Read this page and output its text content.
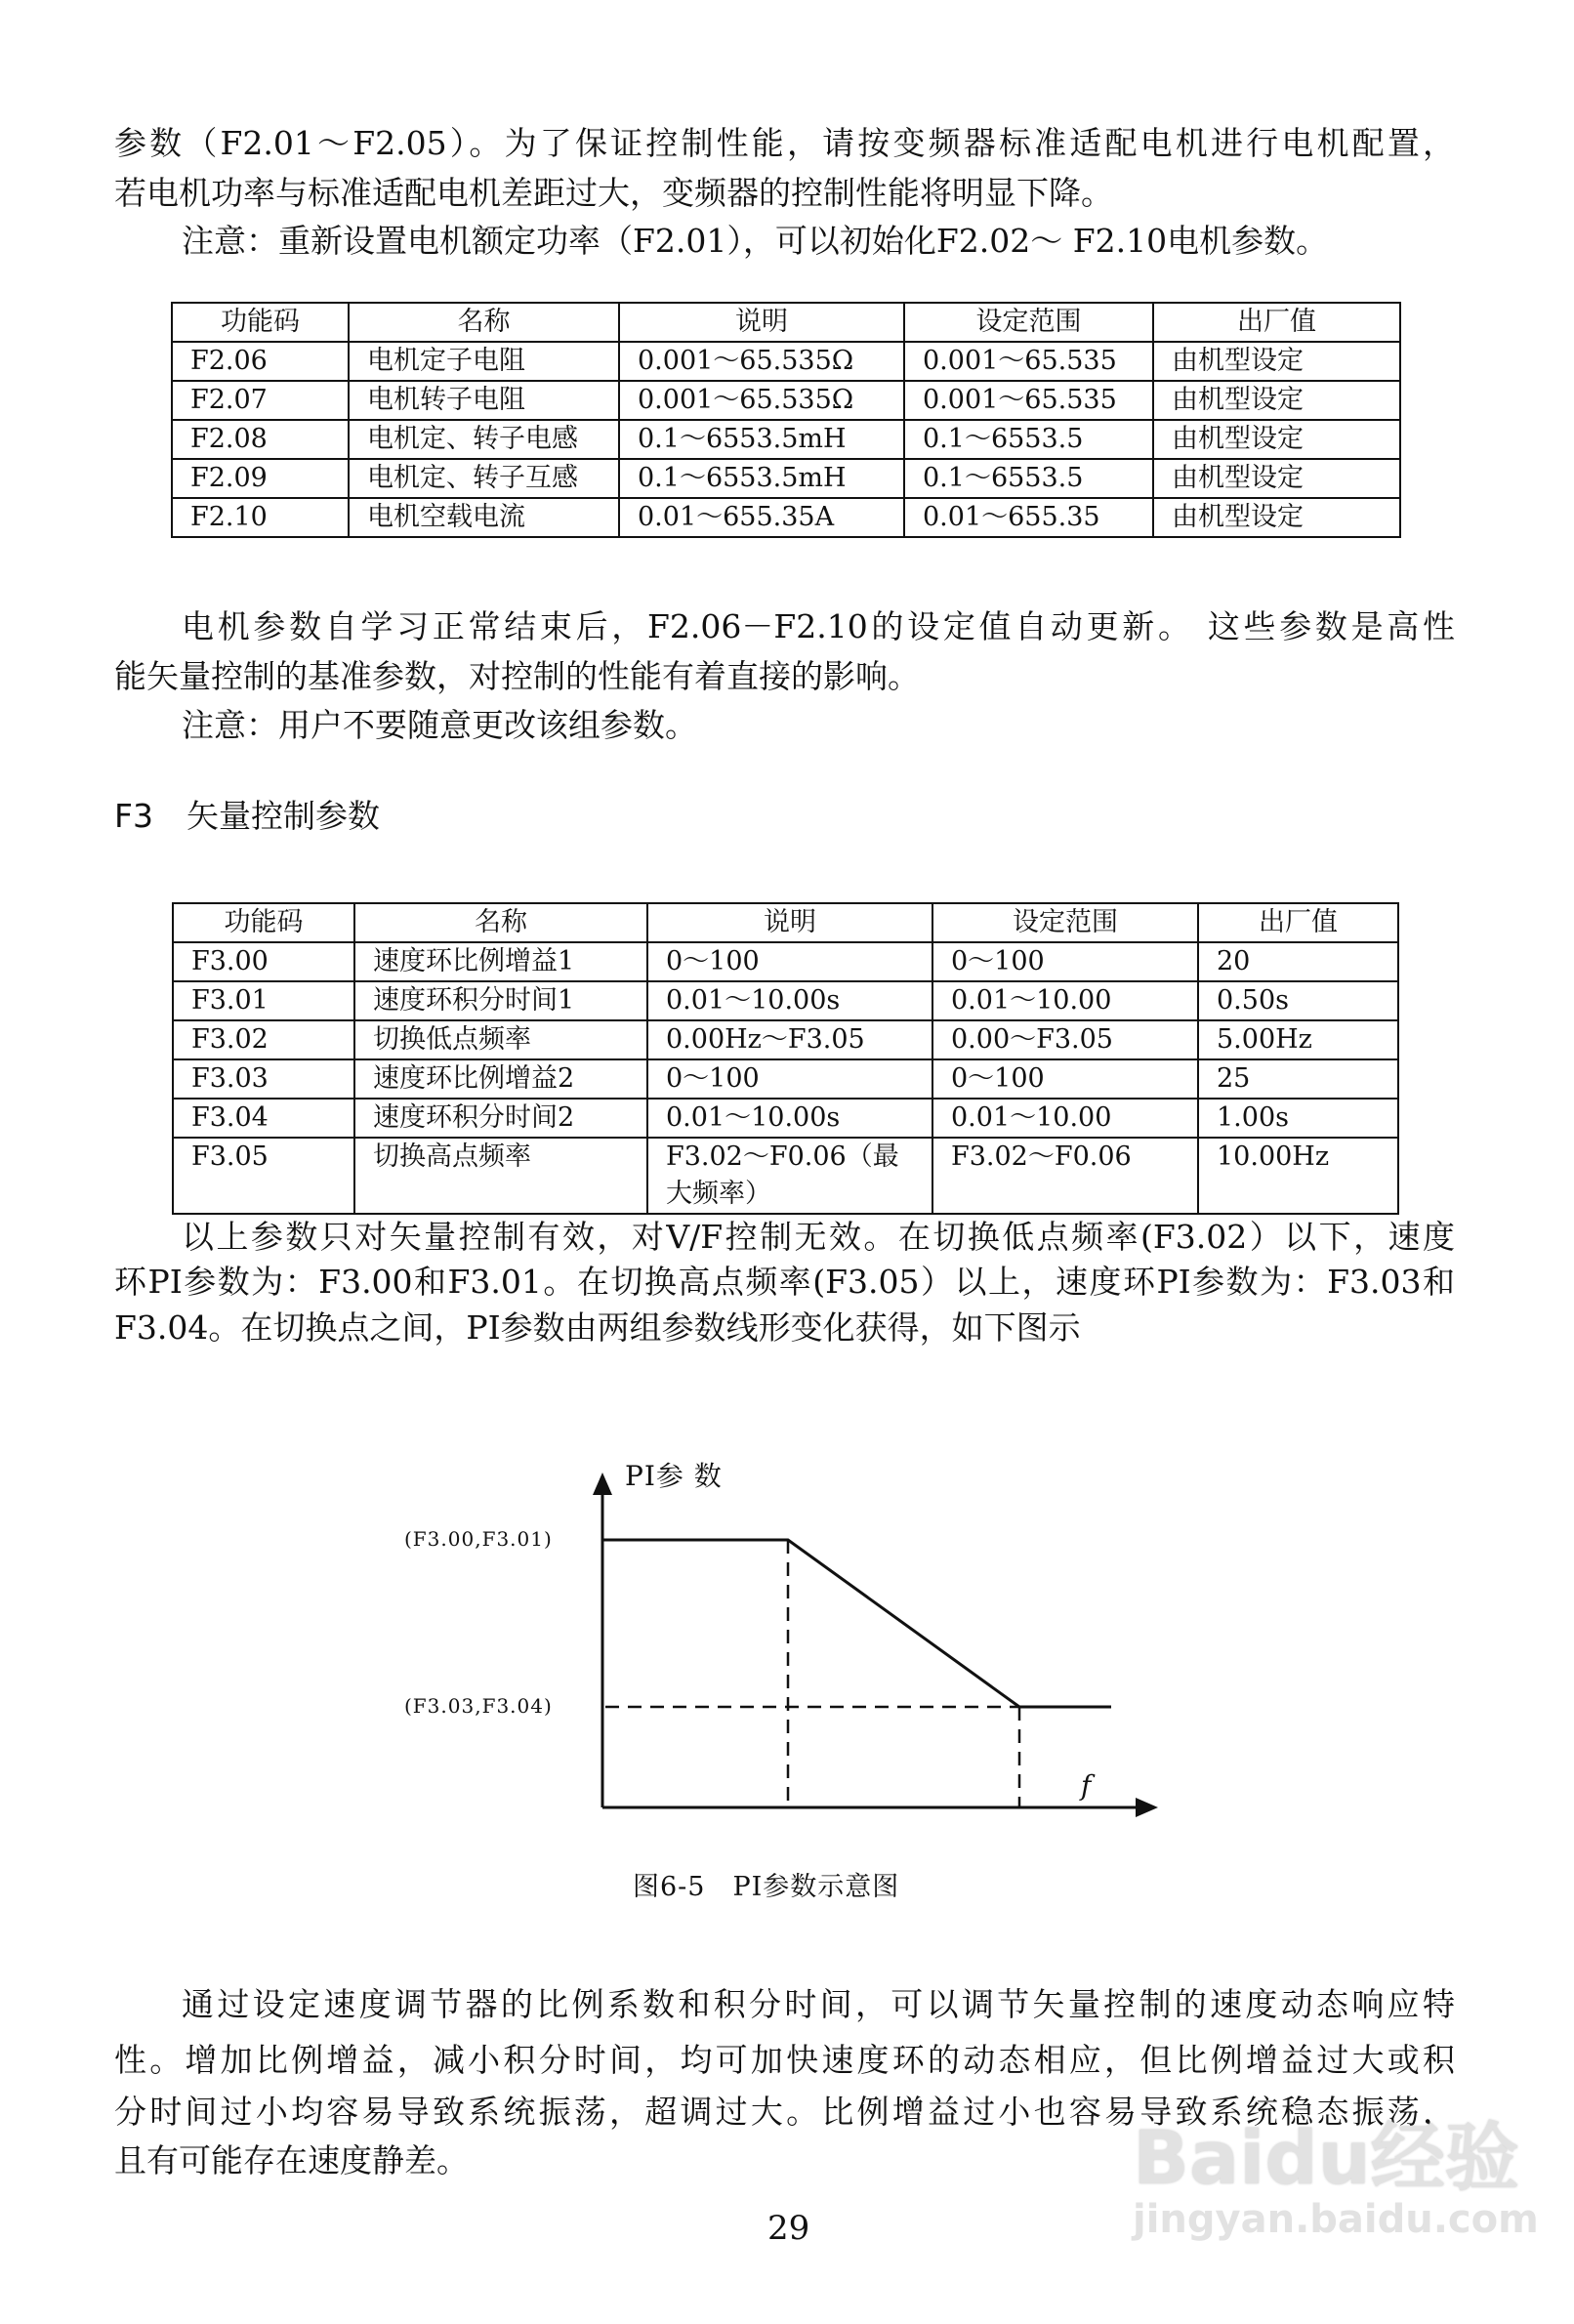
参数（F2.01～F2.05）。为了保证控制性能，请按变频器标准适配电机进行电机配置，
若电机功率与标准适配电机差距过大，变频器的控制性能将明显下降。
注意：重新设置电机额定功率（F2.01），可以初始化F2.02～ F2.10电机参数。
功能码	名称	说明	设定范围	出厂值
F2.06	电机定子电阻	0.001～65.535Ω	0.001～65.535	由机型设定
F2.07	电机转子电阻	0.001～65.535Ω	0.001～65.535	由机型设定
F2.08	电机定、转子电感	0.1～6553.5mH	0.1～6553.5	由机型设定
F2.09	电机定、转子互感	0.1～6553.5mH	0.1～6553.5	由机型设定
F2.10	电机空载电流	0.01～655.35A	0.01～655.35	由机型设定
电机参数自学习正常结束后，F2.06－F2.10的设定值自动更新。 这些参数是高性
能矢量控制的基准参数，对控制的性能有着直接的影响。
注意：用户不要随意更改该组参数。
F3 矢量控制参数
功能码	名称	说明	设定范围	出厂值
F3.00	速度环比例增益1	0～100	0～100	20
F3.01	速度环积分时间1	0.01～10.00s	0.01～10.00	0.50s
F3.02	切换低点频率	0.00Hz～F3.05	0.00～F3.05	5.00Hz
F3.03	速度环比例增益2	0～100	0～100	25
F3.04	速度环积分时间2	0.01～10.00s	0.01～10.00	1.00s
F3.05	切换高点频率	F3.02～F0.06（最大频率）	F3.02～F0.06	10.00Hz
以上参数只对矢量控制有效，对V/F控制无效。在切换低点频率(F3.02）以下，速度
环PI参数为：F3.00和F3.01。在切换高点频率(F3.05）以上，速度环PI参数为：F3.03和
F3.04。在切换点之间，PI参数由两组参数线形变化获得，如下图示
PI参 数
f
(F3.00,F3.01)
(F3.03,F3.04)
图6-5　PI参数示意图
通过设定速度调节器的比例系数和积分时间，可以调节矢量控制的速度动态响应特
性。增加比例增益，减小积分时间，均可加快速度环的动态相应，但比例增益过大或积
分时间过小均容易导致系统振荡，超调过大。比例增益过小也容易导致系统稳态振荡，
且有可能存在速度静差。
29
Baidu经验
jingyan.baidu.com
